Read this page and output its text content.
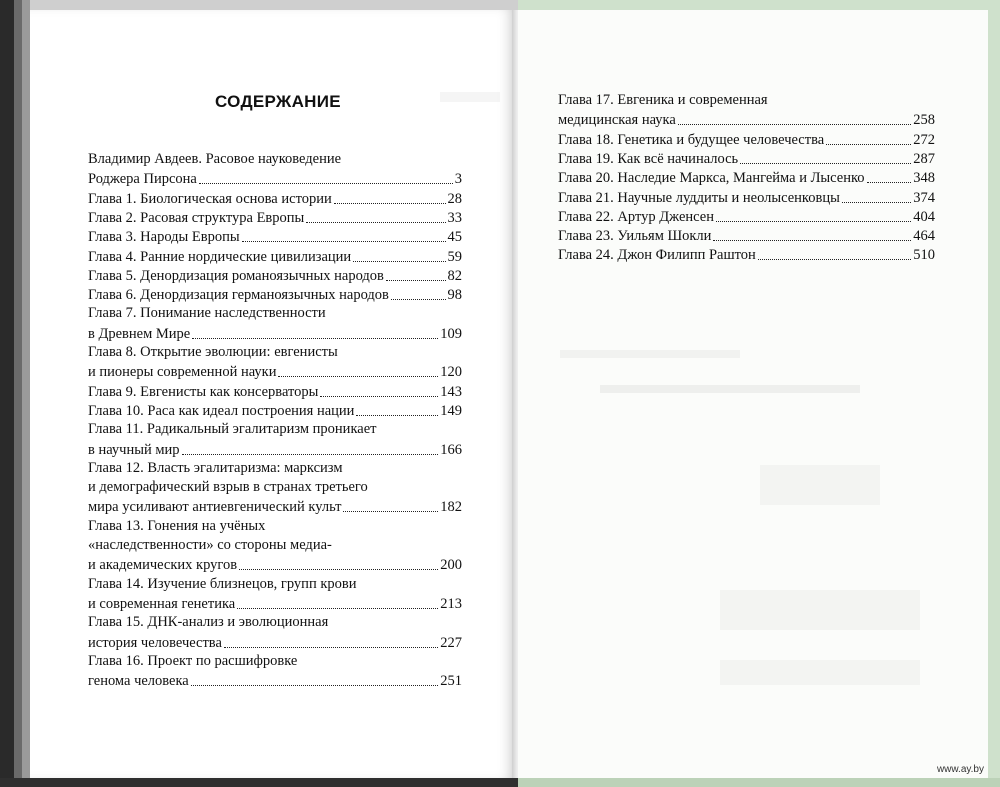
СОДЕРЖАНИЕ
Владимир Авдеев. Расовое науковедение
Роджера Пирсона	3
Глава 1. Биологическая основа истории	28
Глава 2. Расовая структура Европы	33
Глава 3. Народы Европы	45
Глава 4. Ранние нордические цивилизации	59
Глава 5. Денордизация романоязычных народов	82
Глава 6. Денордизация германоязычных народов	98
Глава 7. Понимание наследственности
в Древнем Мире	109
Глава 8. Открытие эволюции: евгенисты
и пионеры современной науки	120
Глава 9. Евгенисты как консерваторы	143
Глава 10. Раса как идеал построения нации	149
Глава 11. Радикальный эгалитаризм проникает
в научный мир	166
Глава 12. Власть эгалитаризма: марксизм
и демографический взрыв в странах третьего
мира усиливают антиевгенический культ	182
Глава 13. Гонения на учёных
«наследственности» со стороны медиа-
и академических кругов	200
Глава 14. Изучение близнецов, групп крови
и современная генетика	213
Глава 15. ДНК-анализ и эволюционная
история человечества	227
Глава 16. Проект по расшифровке
генома человека	251
Глава 17. Евгеника и современная
медицинская наука	258
Глава 18. Генетика и будущее человечества	272
Глава 19. Как всё начиналось	287
Глава 20. Наследие Маркса, Мангейма и Лысенко	348
Глава 21. Научные луддиты и неолысенковцы	374
Глава 22. Артур Дженсен	404
Глава 23. Уильям Шокли	464
Глава 24. Джон Филипп Раштон	510
www.ay.by
